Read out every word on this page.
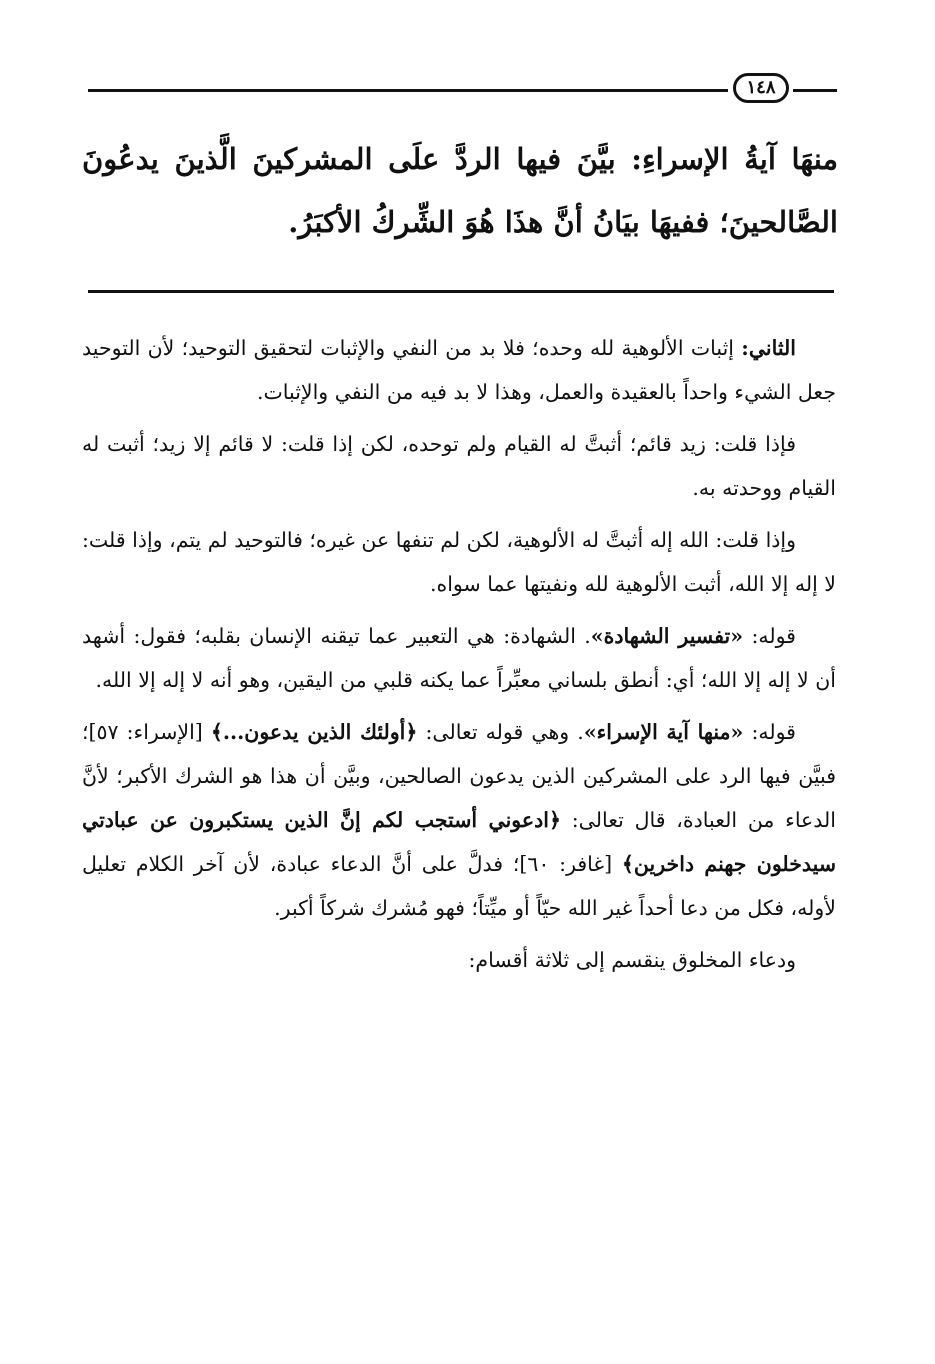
١٤٨

منهَا آيةُ الإسراءِ: بيَّنَ فيها الردَّ علَى المشركينَ الَّذينَ يدعُونَ الصَّالحينَ؛ ففيهَا بيَانُ أنَّ هذَا هُوَ الشِّركُ الأكبَرُ.

الثاني: إثبات الألوهية لله وحده؛ فلا بد من النفي والإثبات لتحقيق التوحيد؛ لأن التوحيد جعل الشيء واحداً بالعقيدة والعمل، وهذا لا بد فيه من النفي والإثبات.

فإذا قلت: زيد قائم؛ أثبتَّ له القيام ولم توحده، لكن إذا قلت: لا قائم إلا زيد؛ أثبت له القيام ووحدته به.

وإذا قلت: الله إله أثبتَّ له الألوهية، لكن لم تنفها عن غيره؛ فالتوحيد لم يتم، وإذا قلت: لا إله إلا الله، أثبت الألوهية لله ونفيتها عما سواه.

قوله: «تفسير الشهادة». الشهادة: هي التعبير عما تيقنه الإنسان بقلبه؛ فقول: أشهد أن لا إله إلا الله؛ أي: أنطق بلساني معبِّراً عما يكنه قلبي من اليقين، وهو أنه لا إله إلا الله.

قوله: «منها آية الإسراء». وهي قوله تعالى: ﴿أولئك الذين يدعون...﴾ [الإسراء: ٥٧]؛ فبيَّن فيها الرد على المشركين الذين يدعون الصالحين، وبيَّن أن هذا هو الشرك الأكبر؛ لأنَّ الدعاء من العبادة، قال تعالى: ﴿ادعوني أستجب لكم إنَّ الذين يستكبرون عن عبادتي سيدخلون جهنم داخرين﴾ [غافر: ٦٠]؛ فدلَّ على أنَّ الدعاء عبادة، لأن آخر الكلام تعليل لأوله، فكل من دعا أحداً غير الله حيّاً أو ميِّتاً؛ فهو مُشرك شركاً أكبر.

ودعاء المخلوق ينقسم إلى ثلاثة أقسام:
